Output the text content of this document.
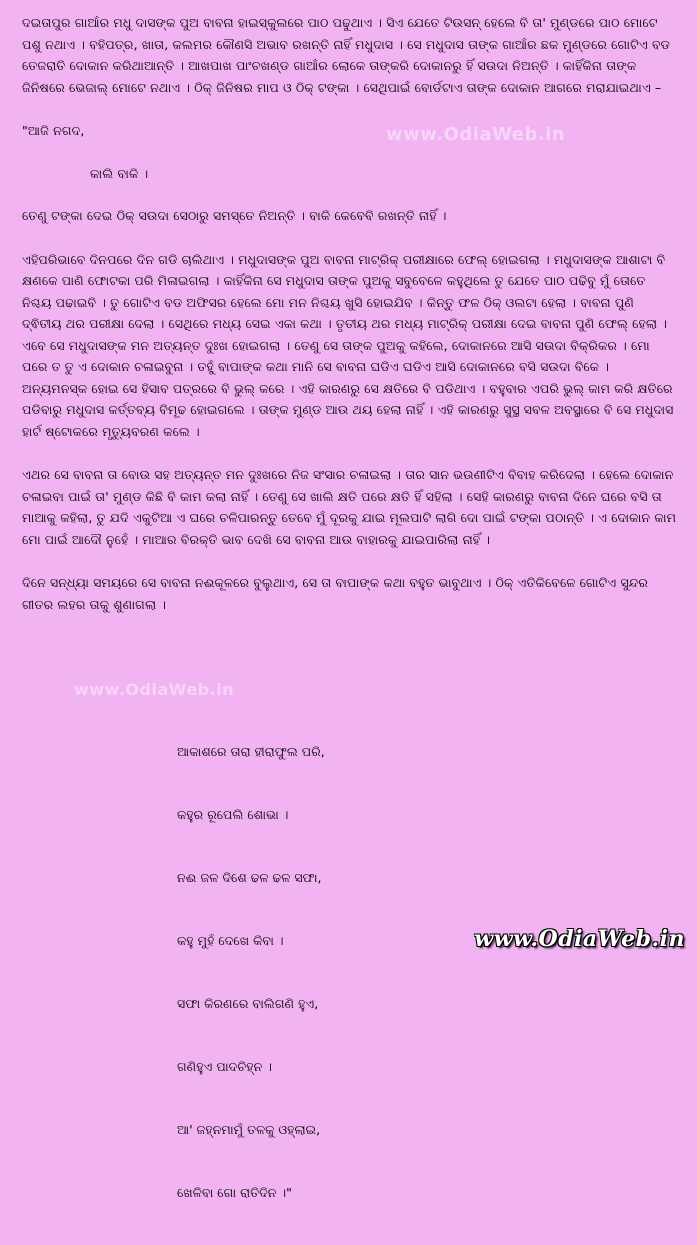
www.OdiaWeb.in
www.OdiaWeb.in

ଦଇତାପୁର ଗାଆଁର ମଧୁ ଦାସଙ୍କ ପୁଅ ବାବନା ହାଇସ୍କୁଲରେ ପାଠ ପଢୁଥାଏ । ସିଏ ଯେତେ ଟିଉସନ୍ ହେଲେ ବି ତା' ମୁଣ୍ଡରେ ପାଠ ମୋଟେ ପଶୁ ନଥାଏ । ବହିପତ୍ର, ଖାତା, କଲମର କୌଣସି ଅଭାବ ରଖନ୍ତି ନାହିଁ ମଧୁଦାସ । ସେ ମଧୁଦାସ ତାଙ୍କ ଗାଆଁର ଛକ ମୁଣ୍ଡରେ ଗୋଟିଏ ବଡ ତେଜରାତି ଦୋକାନ କରିଥାଆନ୍ତି । ଆଖପାଖ ପାଂଚଖଣ୍ଡ ଗାଆଁର ଲୋକେ ତାଙ୍କରି ଦୋକାନରୁ ହିଁ ସଉଦା ନିଅନ୍ତି । କାହିଁକିନା ତାଙ୍କ ଜିନିଷରେ ଭେଜାଲ୍ ମୋଟେ ନଥାଏ । ଠିକ୍ ଜିନିଷର ମାପ ଓ ଠିକ୍ ଟଙ୍କା । ସେଥିପାଇଁ ବୋର୍ଡଟାଏ ତାଙ୍କ ଦୋକାନ ଆଗରେ ମରାଯାଇଥାଏ –

"ଆଜି ନଗଦ,

କାଲି ବାକି ।

ତେଣୁ ଟଙ୍କା ଦେଇ ଠିକ୍ ସଉଦା ସେଠାରୁ ସମସ୍ତେ ନିଅନ୍ତି । ବାକି କେବେବି ରଖନ୍ତି ନାହିଁ ।

ଏହିପରିଭାବେ ଦିନପରେ ଦିନ ଗଡି ଚାଲିଥାଏ । ମଧୁଦାସଙ୍କ ପୁଅ ବାବନା ମାଟ୍ରିକ୍ ପରୀକ୍ଷାରେ ଫେଲ୍ ହୋଇଗଲା । ମଧୁଦାସଙ୍କ ଆଶାଟା ବି କ୍ଷଣକେ ପାଣି ଫୋଟକା ପରି ମିଳାଇଗଲା । କାହିଁକିନା ସେ ମଧୁଦାସ ତାଙ୍କ ପୁଅକୁ ସବୁବେଳେ କହୁଥିଲେ ତୁ ଯେତେ ପାଠ ପଢିବୁ ମୁଁ ତୋତେ ନିଶ୍ଚୟ ପଢାଇବି । ତୁ ଗୋଟିଏ ବଡ ଅଫିସର ହେଲେ ମୋ ମନ ନିଶ୍ଚୟ ଖୁସି ହୋଇଯିବ । କିନ୍ତୁ ଫଳ ଠିକ୍ ଓଲଟା ହେଲା । ବାବନା ପୁଣି ଦ୍ଵିତୀୟ ଥର ପରୀକ୍ଷା ଦେଲା । ସେଥିରେ ମଧ୍ୟ ସେଇ ଏକା କଥା । ତୃତୀୟ ଥର ମଧ୍ୟ ମାଟ୍ରିକ୍ ପରୀକ୍ଷା ଦେଇ ବାବନା ପୁଣି ଫେଲ୍ ହେଲା । ଏବେ ସେ ମଧୁଦାସଙ୍କ ମନ ଅତ୍ୟନ୍ତ ଦୁଃଖ ହୋଇଗଲା । ତେଣୁ ସେ ତାଙ୍କ ପୁଅକୁ କହିଲେ, ଦୋକାନରେ ଆସି ସଉଦା ବିକ୍ରିକର । ମୋ ପରେ ତ ତୁ ଏ ଦୋକାନ ଚଳାଇବୁନା । ତହୁଁ ବାପାଙ୍କ କଥା ମାନି ସେ ବାବନା ଘଡିଏ ଘଡିଏ ଆସି ଦୋକାନରେ ବସି ସଉଦା ବିକେ । ଅନ୍ୟମନସ୍କ ହୋଇ ସେ ହିସାବ ପତ୍ରରେ ବି ଭୁଲ୍ କରେ । ଏହି କାରଣରୁ ସେ କ୍ଷତିରେ ବି ପଡିଥାଏ । ବହୁବାର ଏପରି ଭୁଲ୍ କାମ କରି କ୍ଷତିରେ ପଡିବାରୁ ମଧୁଦାସ କର୍ତ୍ତବ୍ୟ ବିମୂଢ ହୋଇଗଲେ । ତାଙ୍କ ମୁଣ୍ଡ ଆଉ ଥୟ ହେଲା ନାହିଁ । ଏହି କାରଣରୁ ସୁସ୍ଥ ସବଳ ଅବସ୍ଥାରେ ବି ସେ ମଧୁଦାସ ହାର୍ଟ ଷ୍ଟୋକରେ ମୃତ୍ୟୁବରଣ କଲେ ।

ଏଥର ସେ ବାବନା ତା ବୋଉ ସହ ଅତ୍ୟନ୍ତ ମନ ଦୁଃଖରେ ନିଜ ସଂସାର ଚଳାଇଲା । ତାର ସାନ ଭଉଣୀଟିଏ ବିବାହ କରିଦେଲା । ହେଲେ ଦୋକାନ ଚଳାଇବା ପାଇଁ ତା' ମୁଣ୍ଡ କିଛି ବି କାମ କଲା ନାହିଁ । ତେଣୁ ସେ ଖାଲି କ୍ଷତି ପରେ କ୍ଷତି ହିଁ ସହିଲା । ସେହି କାରଣରୁ ବାବନା ଦିନେ ଘରେ ବସି ତା ମାଆକୁ କହିଲା, ତୁ ଯଦି ଏକୁଟିଆ ଏ ଘରେ ଚଳିପାରନ୍ତୁ ତେବେ ମୁଁ ଦୂରକୁ ଯାଇ ମୂଲପାଟି ଲାଗି ଦୋ ପାଇଁ ଟଙ୍କା ପଠାନ୍ତି । ଏ ଦୋକାନ କାମ ମୋ ପାଇଁ ଆଦୌ ନୁହେଁ । ମାଆର ବିରକ୍ତି ଭାବ ଦେଖି ସେ ବାବନା ଆଉ ବାହାରକୁ ଯାଇପାରିଲା ନାହିଁ ।

ଦିନେ ସନ୍ଧ୍ୟା ସମୟରେ ସେ ବାବନା ନଈକୂଳରେ ବୁଲୁଥାଏ, ସେ ତା ବାପାଙ୍କ କଥା ବହୁତ ଭାବୁଥାଏ । ଠିକ୍ ଏତିକିବେଳେ ଗୋଟିଏ ସୁନ୍ଦର ଗୀତର ଲହର ତାକୁ ଶୁଣାଗଲା ।

ଆକାଶରେ ତାରା ହୀରାଫୁଲ ପରି,

କହୁର ରୂପେଲି ଶୋଭା ।

ନଈ ଜଳ ଦିଶେ ଢଳ ଢଳ ସଫା,

କହୁ ମୁହଁ ଦେଖେ କିବା ।

ସଫା କିରଣରେ ବାଲିଗଣି ହୁଏ,

ଗଣିହୁଏ ପାଦଚିହ୍ନ ।

ଆ' ଜହ୍ନମାମୁଁ ତଳକୁ ଓହ୍ଲାଇ,

ଖେଳିବା ଗୋ ରାତିଦିନ ।"

www.OdiaWeb.in
